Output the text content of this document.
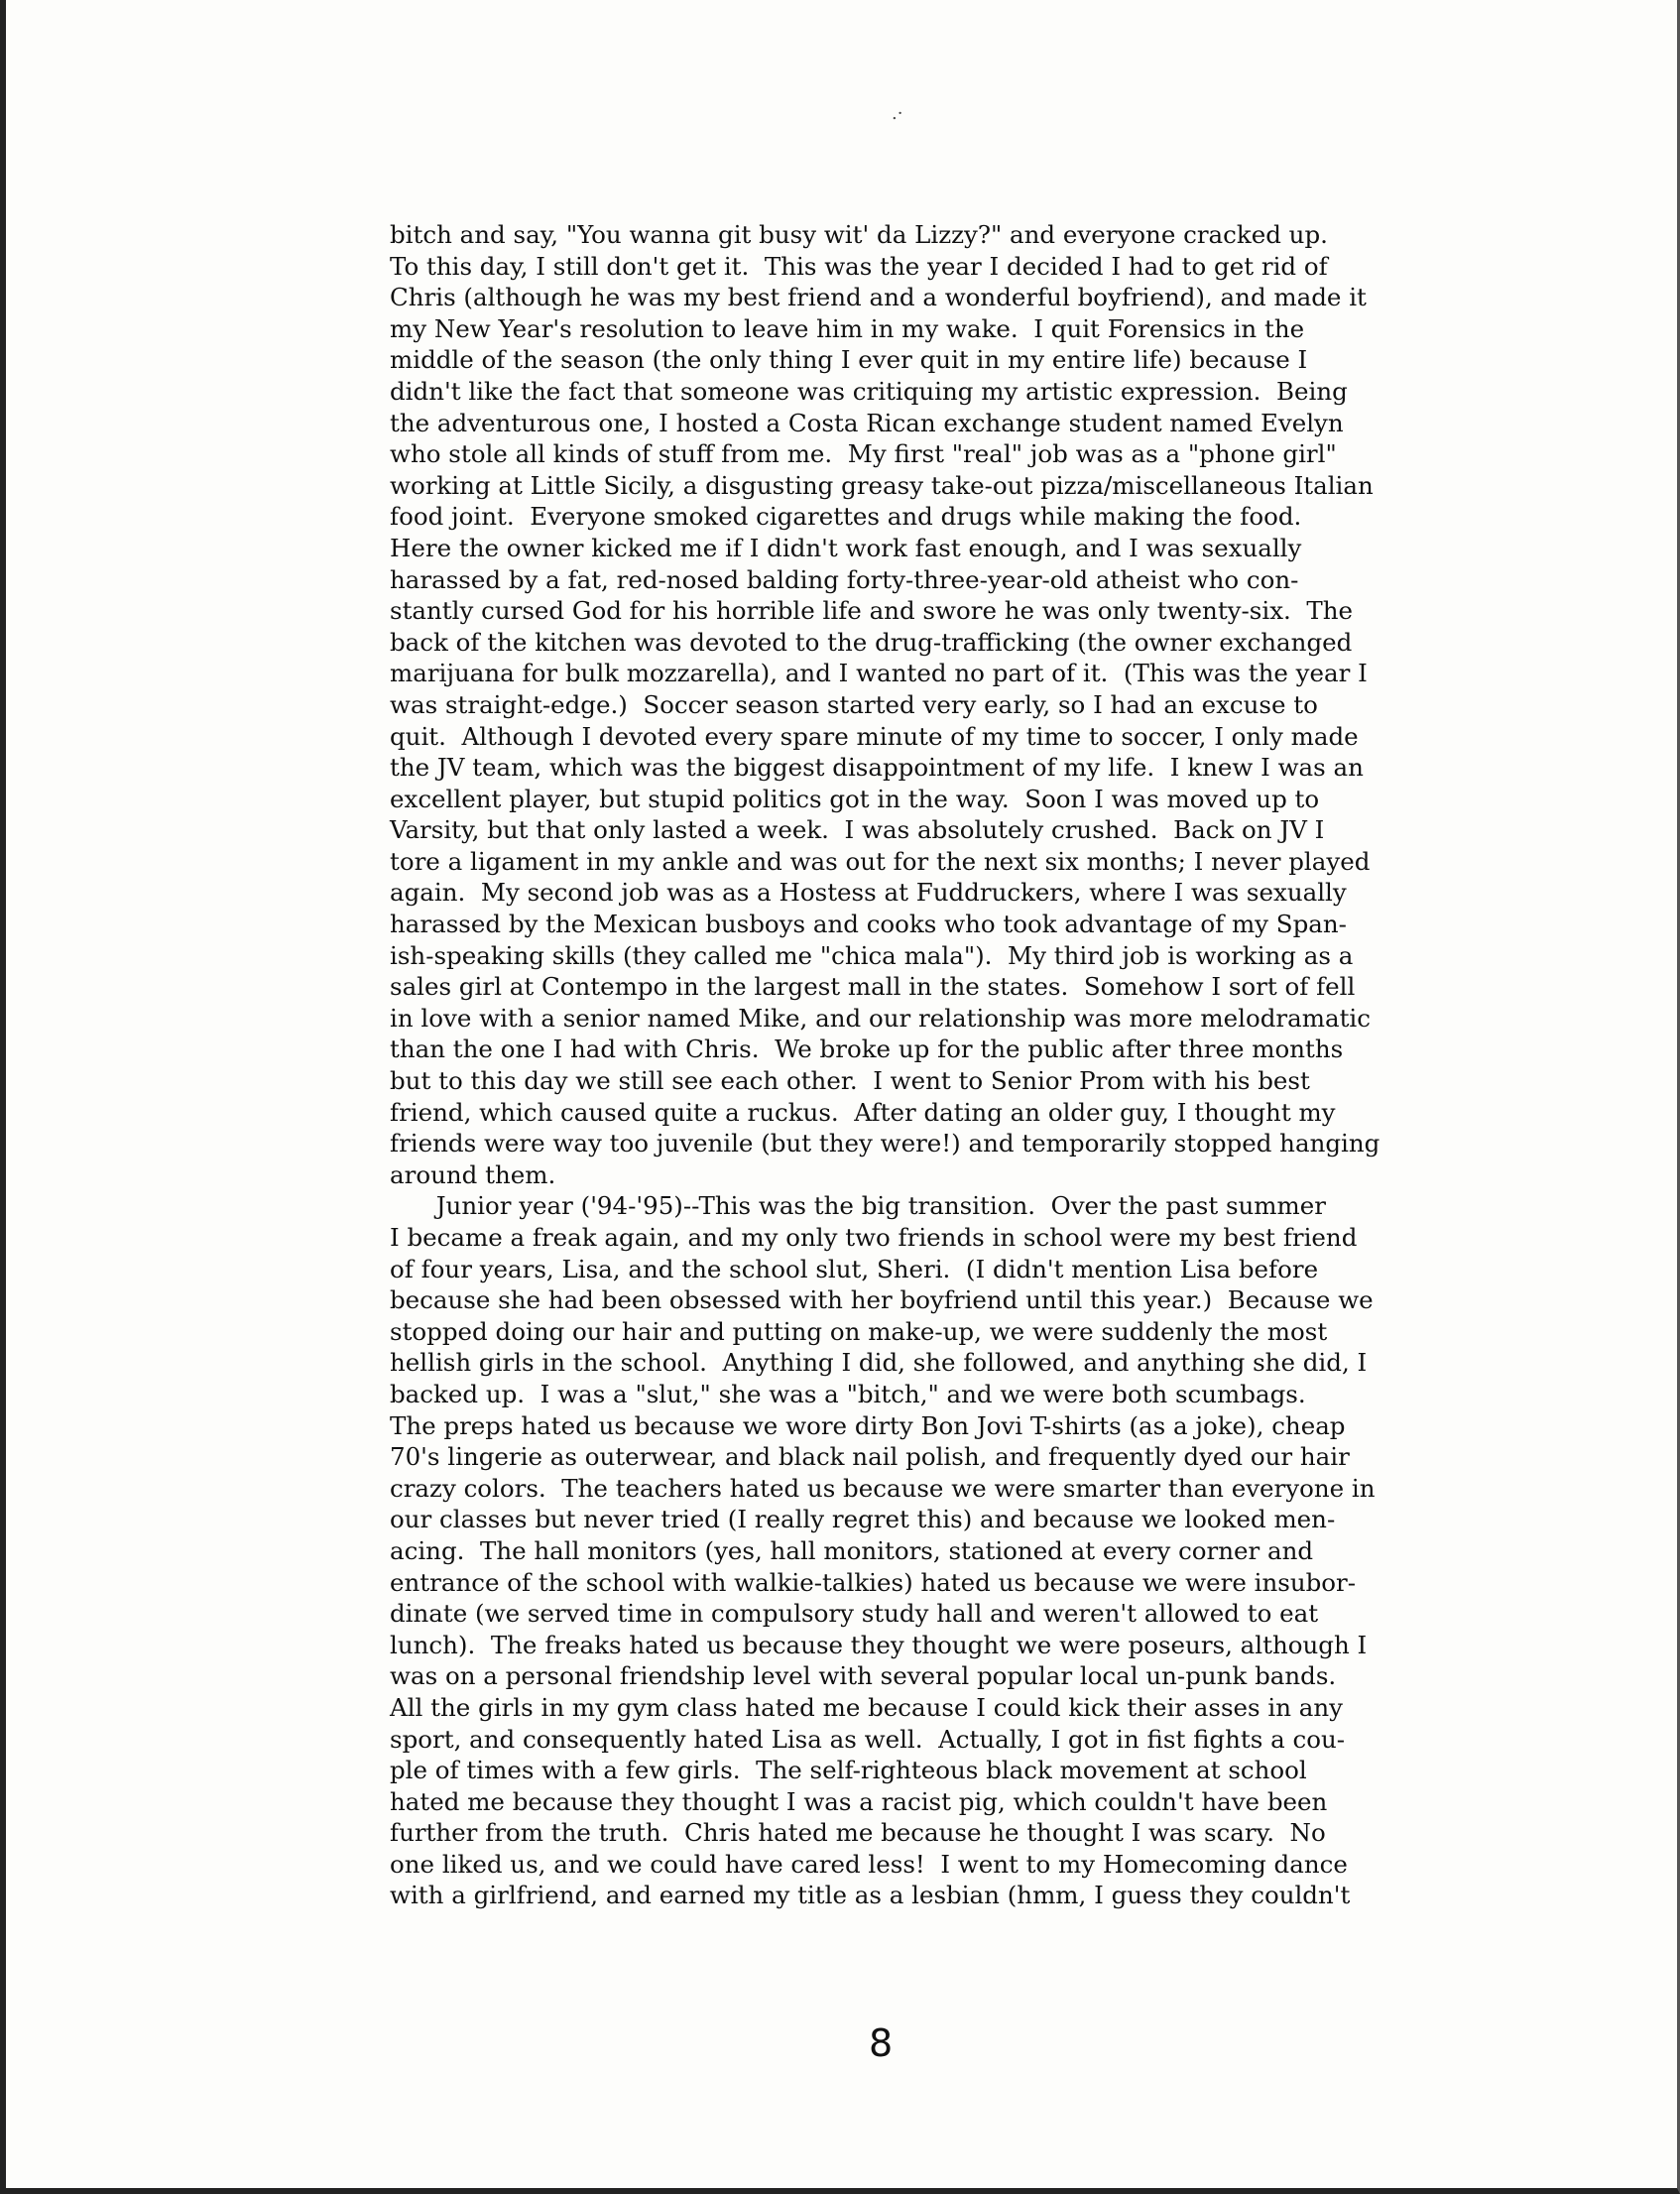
.·
bitch and say, "You wanna git busy wit' da Lizzy?" and everyone cracked up.
To this day, I still don't get it.  This was the year I decided I had to get rid of
Chris (although he was my best friend and a wonderful boyfriend), and made it
my New Year's resolution to leave him in my wake.  I quit Forensics in the
middle of the season (the only thing I ever quit in my entire life) because I
didn't like the fact that someone was critiquing my artistic expression.  Being
the adventurous one, I hosted a Costa Rican exchange student named Evelyn
who stole all kinds of stuff from me.  My first "real" job was as a "phone girl"
working at Little Sicily, a disgusting greasy take-out pizza/miscellaneous Italian
food joint.  Everyone smoked cigarettes and drugs while making the food.
Here the owner kicked me if I didn't work fast enough, and I was sexually
harassed by a fat, red-nosed balding forty-three-year-old atheist who con-
stantly cursed God for his horrible life and swore he was only twenty-six.  The
back of the kitchen was devoted to the drug-trafficking (the owner exchanged
marijuana for bulk mozzarella), and I wanted no part of it.  (This was the year I
was straight-edge.)  Soccer season started very early, so I had an excuse to
quit.  Although I devoted every spare minute of my time to soccer, I only made
the JV team, which was the biggest disappointment of my life.  I knew I was an
excellent player, but stupid politics got in the way.  Soon I was moved up to
Varsity, but that only lasted a week.  I was absolutely crushed.  Back on JV I
tore a ligament in my ankle and was out for the next six months; I never played
again.  My second job was as a Hostess at Fuddruckers, where I was sexually
harassed by the Mexican busboys and cooks who took advantage of my Span-
ish-speaking skills (they called me "chica mala").  My third job is working as a
sales girl at Contempo in the largest mall in the states.  Somehow I sort of fell
in love with a senior named Mike, and our relationship was more melodramatic
than the one I had with Chris.  We broke up for the public after three months
but to this day we still see each other.  I went to Senior Prom with his best
friend, which caused quite a ruckus.  After dating an older guy, I thought my
friends were way too juvenile (but they were!) and temporarily stopped hanging
around them.
Junior year ('94-'95)--This was the big transition.  Over the past summer
I became a freak again, and my only two friends in school were my best friend
of four years, Lisa, and the school slut, Sheri.  (I didn't mention Lisa before
because she had been obsessed with her boyfriend until this year.)  Because we
stopped doing our hair and putting on make-up, we were suddenly the most
hellish girls in the school.  Anything I did, she followed, and anything she did, I
backed up.  I was a "slut," she was a "bitch," and we were both scumbags.
The preps hated us because we wore dirty Bon Jovi T-shirts (as a joke), cheap
70's lingerie as outerwear, and black nail polish, and frequently dyed our hair
crazy colors.  The teachers hated us because we were smarter than everyone in
our classes but never tried (I really regret this) and because we looked men-
acing.  The hall monitors (yes, hall monitors, stationed at every corner and
entrance of the school with walkie-talkies) hated us because we were insubor-
dinate (we served time in compulsory study hall and weren't allowed to eat
lunch).  The freaks hated us because they thought we were poseurs, although I
was on a personal friendship level with several popular local un-punk bands.
All the girls in my gym class hated me because I could kick their asses in any
sport, and consequently hated Lisa as well.  Actually, I got in fist fights a cou-
ple of times with a few girls.  The self-righteous black movement at school
hated me because they thought I was a racist pig, which couldn't have been
further from the truth.  Chris hated me because he thought I was scary.  No
one liked us, and we could have cared less!  I went to my Homecoming dance
with a girlfriend, and earned my title as a lesbian (hmm, I guess they couldn't
8
